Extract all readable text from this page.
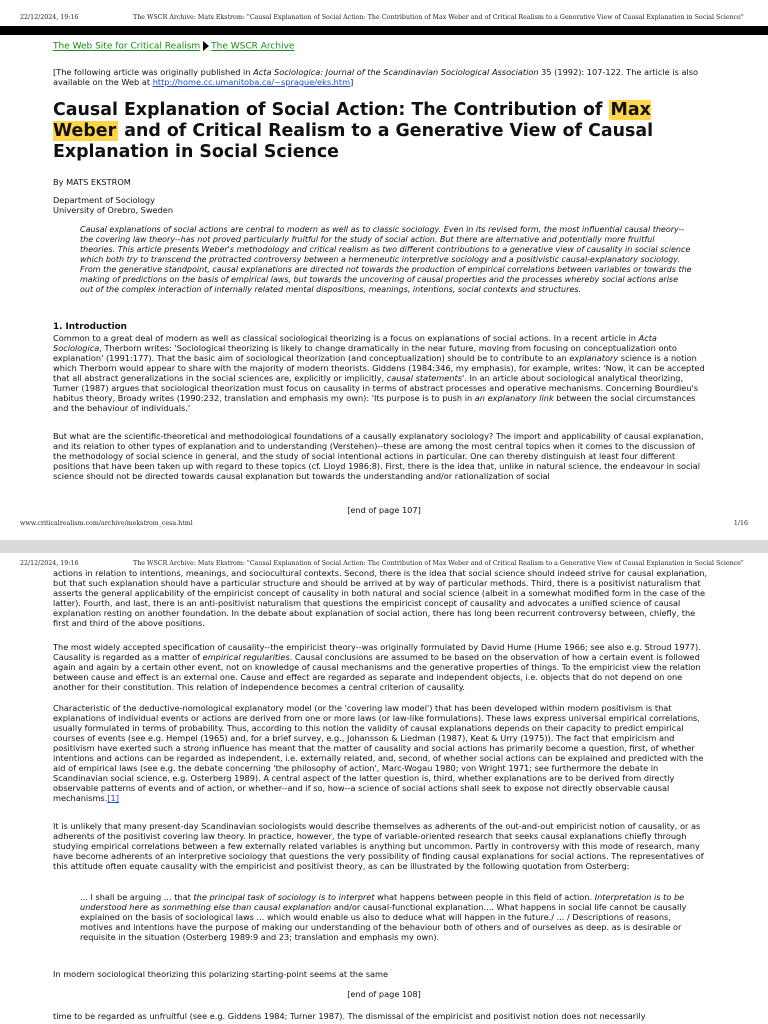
22/12/2024, 19:16	The WSCR Archive: Mats Ekstrom: "Causal Explanation of Social Action: The Contribution of Max Weber and of Critical Realism to a Generative View of Causal Explanation in Social Science"
The Web Site for Critical Realism The WSCR Archive
[The following article was originally published in Acta Sociologica: Journal of the Scandinavian Sociological Association 35 (1992): 107-122. The article is also available on the Web at http://home.cc.umanitoba.ca/~sprague/eks.htm]
Causal Explanation of Social Action: The Contribution of Max Weber and of Critical Realism to a Generative View of Causal Explanation in Social Science
By MATS EKSTROM
Department of Sociology
University of Orebro, Sweden
Causal explanations of social actions are central to modern as well as to classic sociology. Even in its revised form, the most influential causal theory--the covering law theory--has not proved particularly fruitful for the study of social action. But there are alternative and potentially more fruitful theories. This article presents Weber's methodology and critical realism as two different contributions to a generative view of causality in social science which both try to transcend the protracted controversy between a hermeneutic interpretive sociology and a positivistic causal-explanatory sociology. From the generative standpoint, causal explanations are directed not towards the production of empirical correlations between variables or towards the making of predictions on the basis of empirical laws, but towards the uncovering of causal properties and the processes whereby social actions arise out of the complex interaction of internally related mental dispositions, meanings, intentions, social contexts and structures.
1. Introduction

Common to a great deal of modern as well as classical sociological theorizing is a focus on explanations of social actions. In a recent article in Acta Sociologica, Therborn writes: 'Sociological theorizing is likely to change dramatically in the near future, moving from focusing on conceptualization onto explanation' (1991:177). That the basic aim of sociological theorization (and conceptualization) should be to contribute to an explanatory science is a notion which Therborn would appear to share with the majority of modern theorists. Giddens (1984:346, my emphasis), for example, writes: 'Now, it can be accepted that all abstract generalizations in the social sciences are, explicitly or implicitly, causal statements'. In an article about sociological analytical theorizing, Turner (1987) argues that sociological theorization must focus on causality in terms of abstract processes and operative mechanisms. Concerning Bourdieu's habitus theory, Broady writes (1990:232, translation and emphasis my own): 'Its purpose is to push in an explanatory link between the social circumstances and the behaviour of individuals.'

But what are the scientific-theoretical and methodological foundations of a causally explanatory sociology? The import and applicability of causal explanation, and its relation to other types of explanation and to understanding (Verstehen)--these are among the most central topics when it comes to the discussion of the methodology of social science in general, and the study of social intentional actions in particular. One can thereby distinguish at least four different positions that have been taken up with regard to these topics (cf. Lloyd 1986:8). First, there is the idea that, unlike in natural science, the endeavour in social science should not be directed towards causal explanation but towards the understanding and/or rationalization of social

[end of page 107]
www.criticalrealism.com/archive/mekstrom_cesa.html	1/16
22/12/2024, 19:16	The WSCR Archive: Mats Ekstrom: "Causal Explanation of Social Action: The Contribution of Max Weber and of Critical Realism to a Generative View of Causal Explanation in Social Science"

actions in relation to intentions, meanings, and sociocultural contexts. Second, there is the idea that social science should indeed strive for causal explanation, but that such explanation should have a particular structure and should be arrived at by way of particular methods. Third, there is a positivist naturalism that asserts the general applicability of the empiricist concept of causality in both natural and social science (albeit in a somewhat modified form in the case of the latter). Fourth, and last, there is an anti-positivist naturalism that questions the empiricist concept of causality and advocates a unified science of causal explanation resting on another foundation. In the debate about explanation of social action, there has long been recurrent controversy between, chiefly, the first and third of the above positions.

The most widely accepted specification of causality--the empiricist theory--was originally formulated by David Hume (Hume 1966; see also e.g. Stroud 1977). Causality is regarded as a matter of empirical regularities. Causal conclusions are assumed to be based on the observation of how a certain event is followed again and again by a certain other event, not on knowledge of causal mechanisms and the generative properties of things. To the empiricist view the relation between cause and effect is an external one. Cause and effect are regarded as separate and independent objects, i.e. objects that do not depend on one another for their constitution. This relation of independence becomes a central criterion of causality.

Characteristic of the deductive-nomological explanatory model (or the 'covering law model') that has been developed within modern positivism is that explanations of individual events or actions are derived from one or more laws (or law-like formulations). These laws express universal empirical correlations, usually formulated in terms of probability. Thus, according to this notion the validity of causal explanations depends on their capacity to predict empirical courses of events (see e.g. Hempel (1965) and, for a brief survey, e.g., Johansson & Liedman (1987), Keat & Urry (1975)). The fact that empiricism and positivism have exerted such a strong influence has meant that the matter of causality and social actions has primarily become a question, first, of whether intentions and actions can be regarded as independent, i.e. externally related, and, second, of whether social actions can be explained and predicted with the aid of empirical laws (see e.g. the debate concerning 'the philosophy of action', Marc-Wogau 1980; von Wright 1971; see furthermore the debate in Scandinavian social science, e.g. Osterberg 1989). A central aspect of the latter question is, third, whether explanations are to be derived from directly observable patterns of events and of action, or whether--and if so, how--a science of social actions shall seek to expose not directly observable causal mechanisms.[1]

It is unlikely that many present-day Scandinavian sociologists would describe themselves as adherents of the out-and-out empiricist notion of causality, or as adherents of the positivist covering law theory. In practice, however, the type of variable-oriented research that seeks causal explanations chiefly through studying empirical correlations between a few externally related variables is anything but uncommon. Partly in controversy with this mode of research, many have become adherents of an interpretive sociology that questions the very possibility of finding causal explanations for social actions. The representatives of this attitude often equate causality with the empiricist and positivist theory, as can be illustrated by the following quotation from Osterberg:

... I shall be arguing ... that the principal task of sociology is to interpret what happens between people in this field of action. Interpretation is to be understood here as sonmething else than causal explanation and/or causal-functional explanation.... What happens in social life cannot be causally explained on the basis of sociological laws ... which would enable us also to deduce what will happen in the future./ ... / Descriptions of reasons, motives and intentions have the purpose of making our understanding of the behaviour both of others and of ourselves as deep. as is desirable or requisite in the situation (Osterberg 1989:9 and 23; translation and emphasis my own).

In modern sociological theorizing this polarizing starting-point seems at the same

[end of page 108]

time to be regarded as unfruitful (see e.g. Giddens 1984; Turner 1987). The dismissal of the empiricist and positivist notion does not necessarily
